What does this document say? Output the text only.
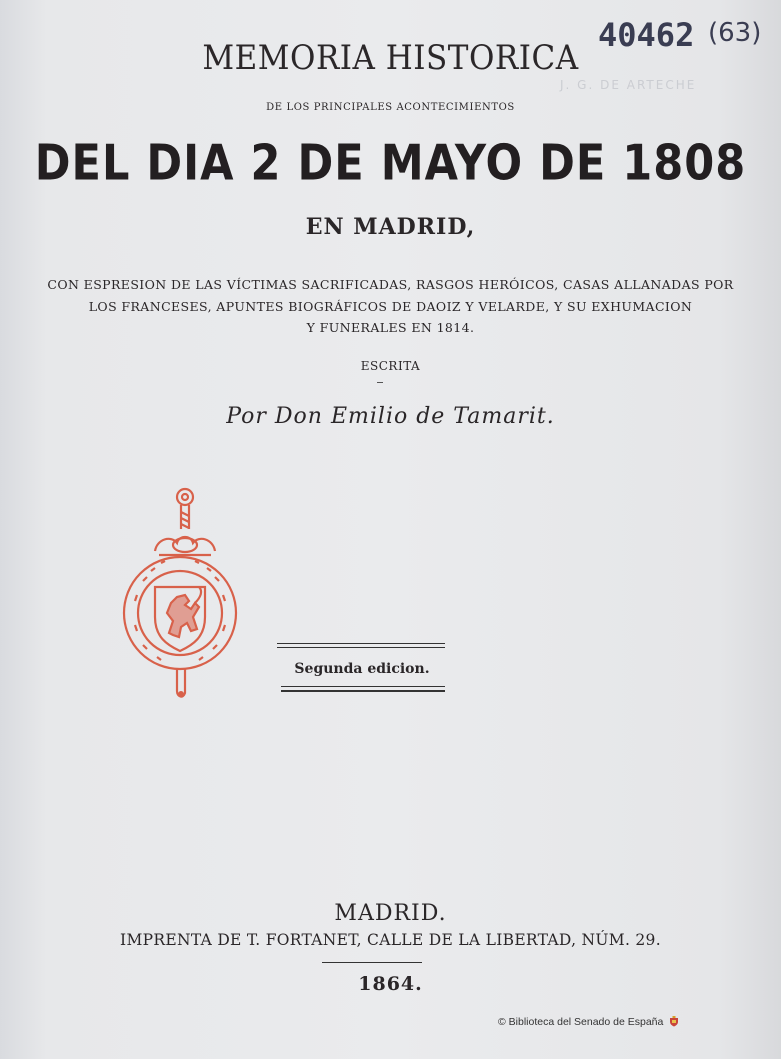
40462 (63)
J. G. DE ARTECHE
MEMORIA HISTORICA
DE LOS PRINCIPALES ACONTECIMIENTOS
DEL DIA 2 DE MAYO DE 1808
EN MADRID,
CON ESPRESION DE LAS VÍCTIMAS SACRIFICADAS, RASGOS HERÓICOS, CASAS ALLANADAS POR
LOS FRANCESES, APUNTES BIOGRÁFICOS DE DAOIZ Y VELARDE, Y SU EXHUMACION
Y FUNERALES EN 1814.
ESCRITA
Por Don Emilio de Tamarit.
Segunda edicion.
MADRID.
IMPRENTA DE T. FORTANET, CALLE DE LA LIBERTAD, NÚM. 29.
1864.
© Biblioteca del Senado de España
